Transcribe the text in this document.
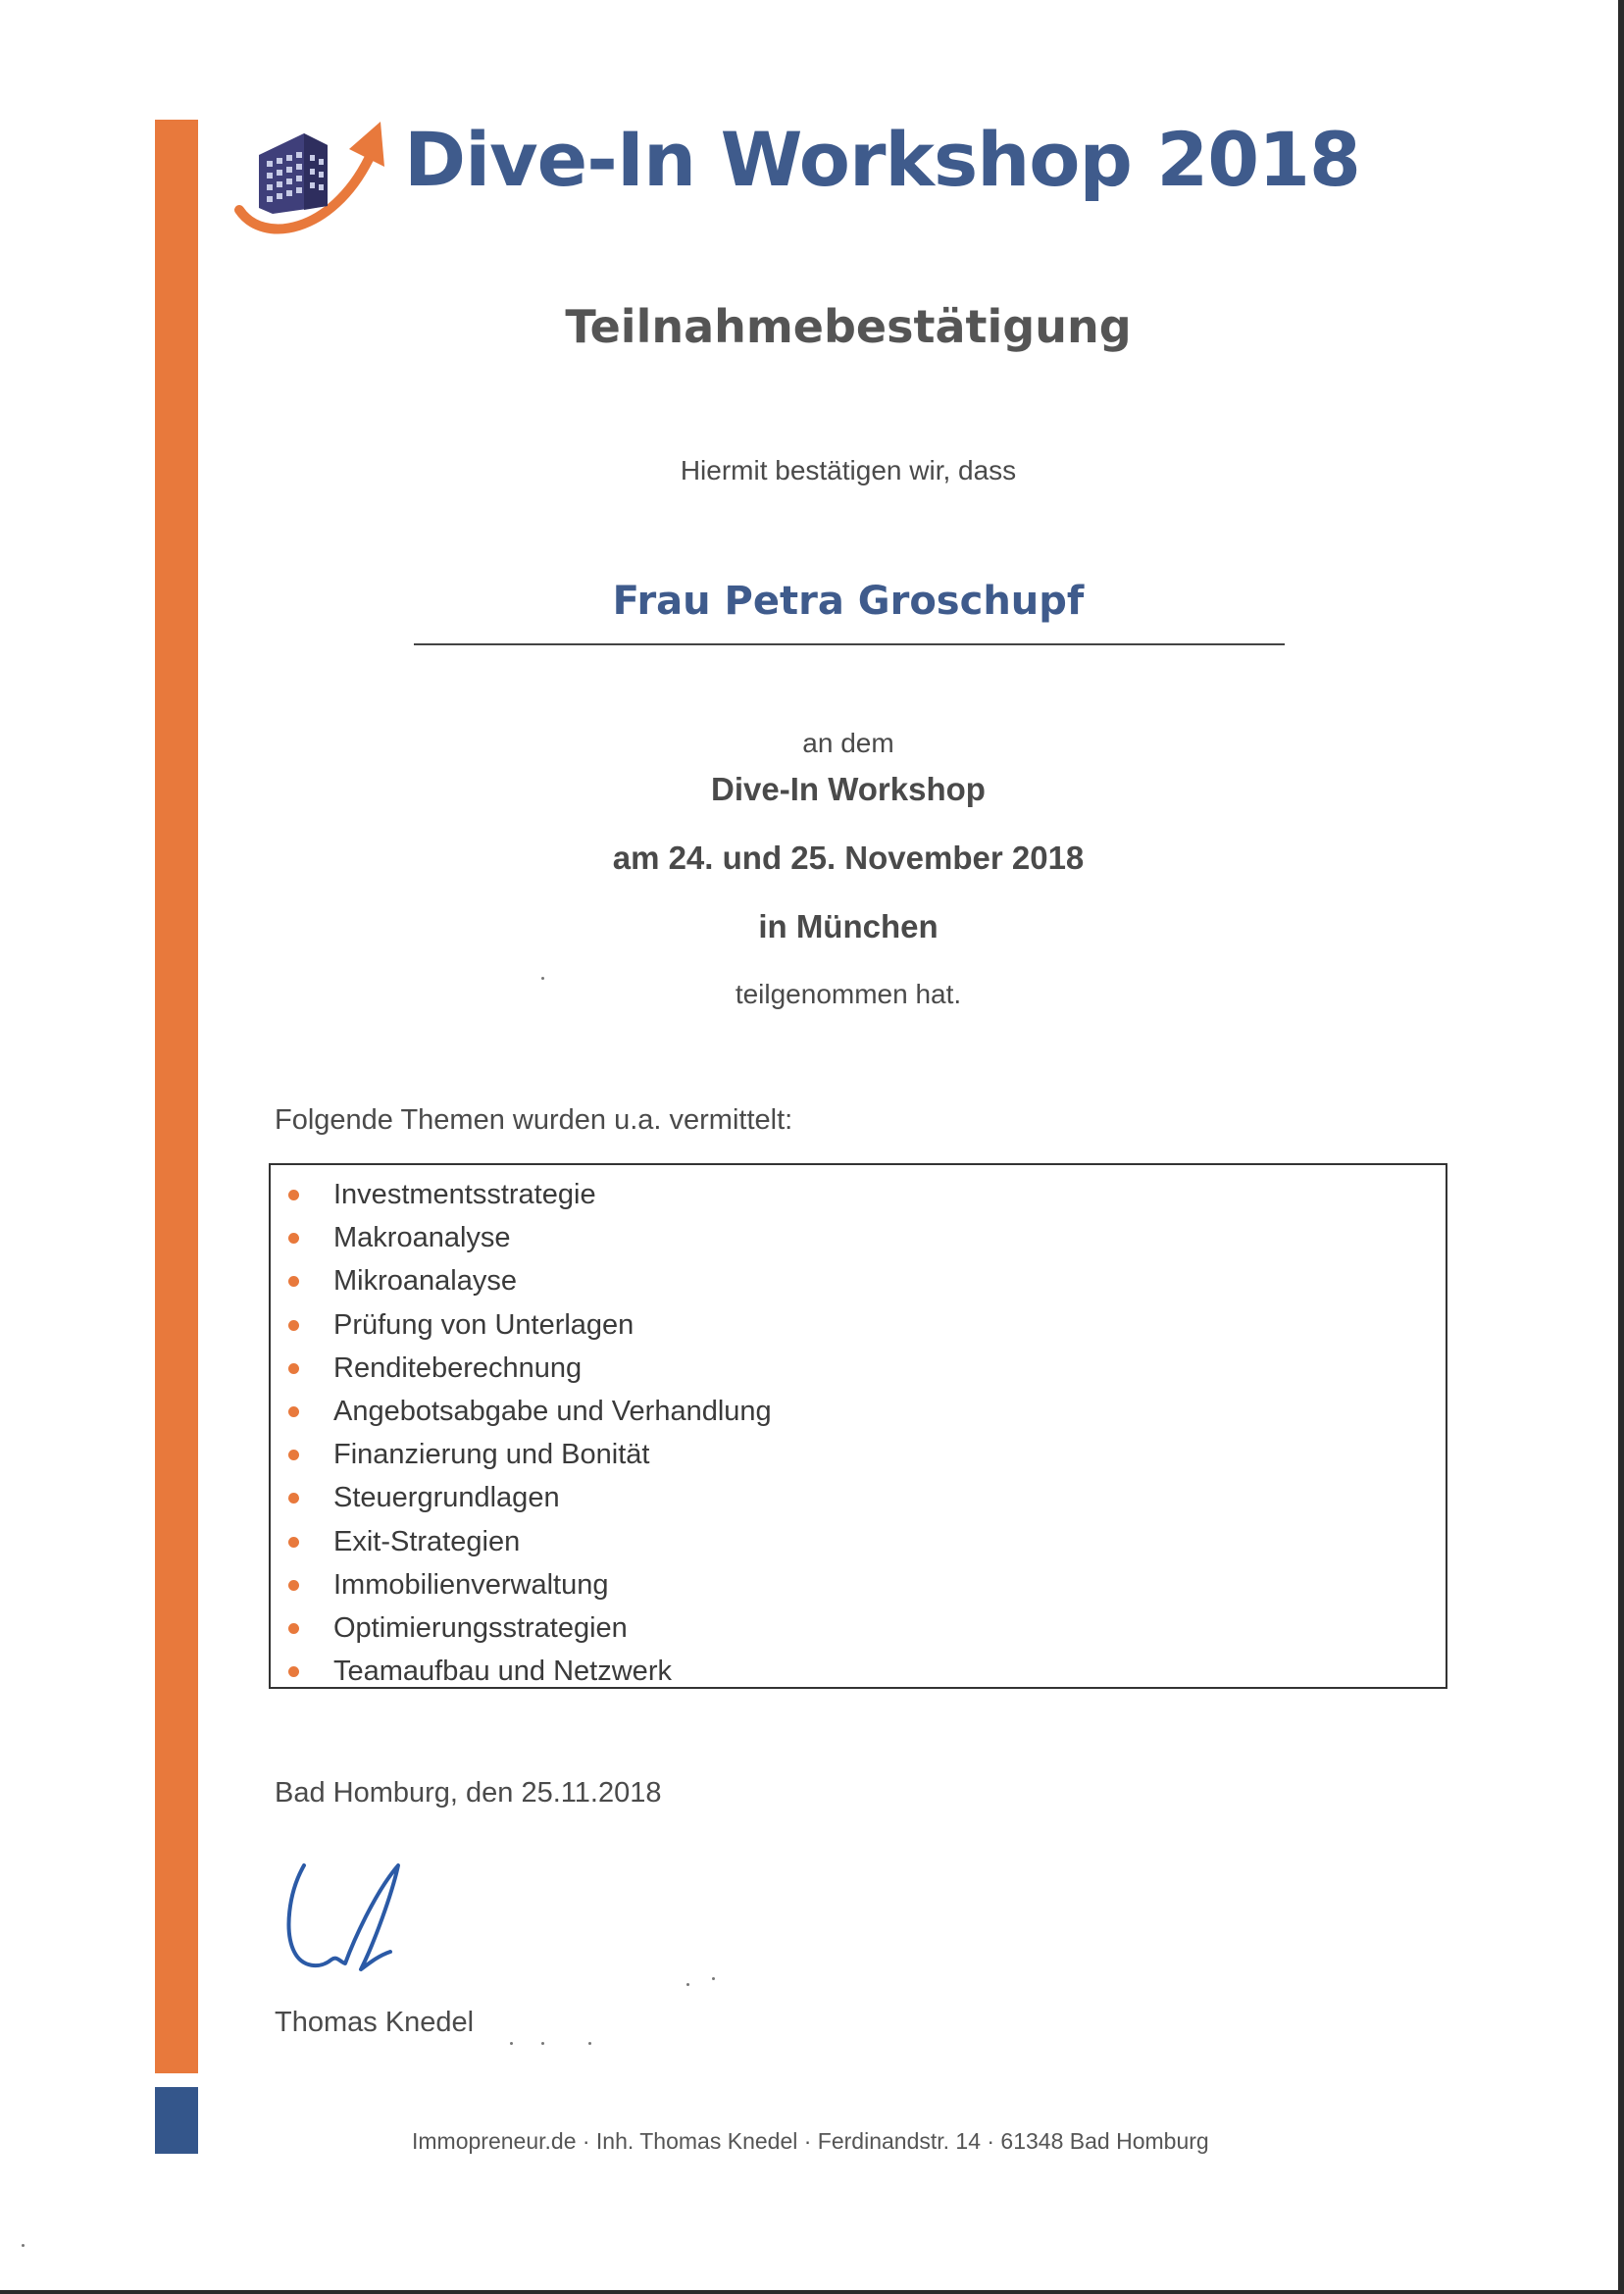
Dive-In Workshop 2018
Teilnahmebestätigung
Hiermit bestätigen wir, dass
Frau Petra Groschupf
an dem
Dive-In Workshop
am 24. und 25. November 2018
in München
teilgenommen hat.
Folgende Themen wurden u.a. vermittelt:
Investmentsstrategie
Makroanalyse
Mikroanalayse
Prüfung von Unterlagen
Renditeberechnung
Angebotsabgabe und Verhandlung
Finanzierung und Bonität
Steuergrundlagen
Exit-Strategien
Immobilienverwaltung
Optimierungsstrategien
Teamaufbau und Netzwerk
Bad Homburg, den 25.11.2018
Thomas Knedel
Immopreneur.de · Inh. Thomas Knedel · Ferdinandstr. 14 · 61348 Bad Homburg
